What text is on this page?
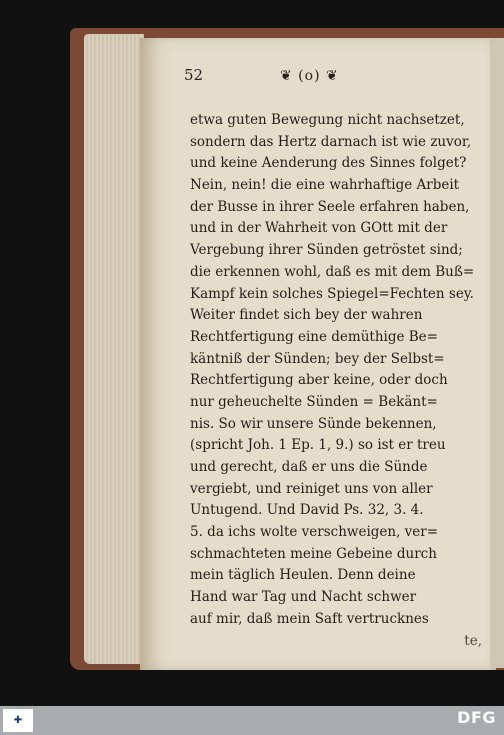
52	❦ (o) ❦
etwa guten Bewegung nicht nachsetzet,
sondern das Hertz darnach ist wie zuvor,
und keine Aenderung des Sinnes folget?
Nein, nein! die eine wahrhaftige Arbeit
der Busse in ihrer Seele erfahren haben,
und in der Wahrheit von GOtt mit der
Vergebung ihrer Sünden getröstet sind;
die erkennen wohl, daß es mit dem Buß=
Kampf kein solches Spiegel=Fechten sey.
Weiter findet sich bey der wahren
Rechtfertigung eine demüthige Be=
käntniß der Sünden; bey der Selbst=
Rechtfertigung aber keine, oder doch
nur geheuchelte Sünden = Bekänt=
nis. So wir unsere Sünde bekennen,
(spricht Joh. 1 Ep. 1, 9.) so ist er treu
und gerecht, daß er uns die Sünde
vergiebt, und reiniget uns von aller
Untugend. Und David Ps. 32, 3. 4.
5. da ichs wolte verschweigen, ver=
schmachteten meine Gebeine durch
mein täglich Heulen. Denn deine
Hand war Tag und Nacht schwer
auf mir, daß mein Saft vertrucknes
te,
✚	DFG
